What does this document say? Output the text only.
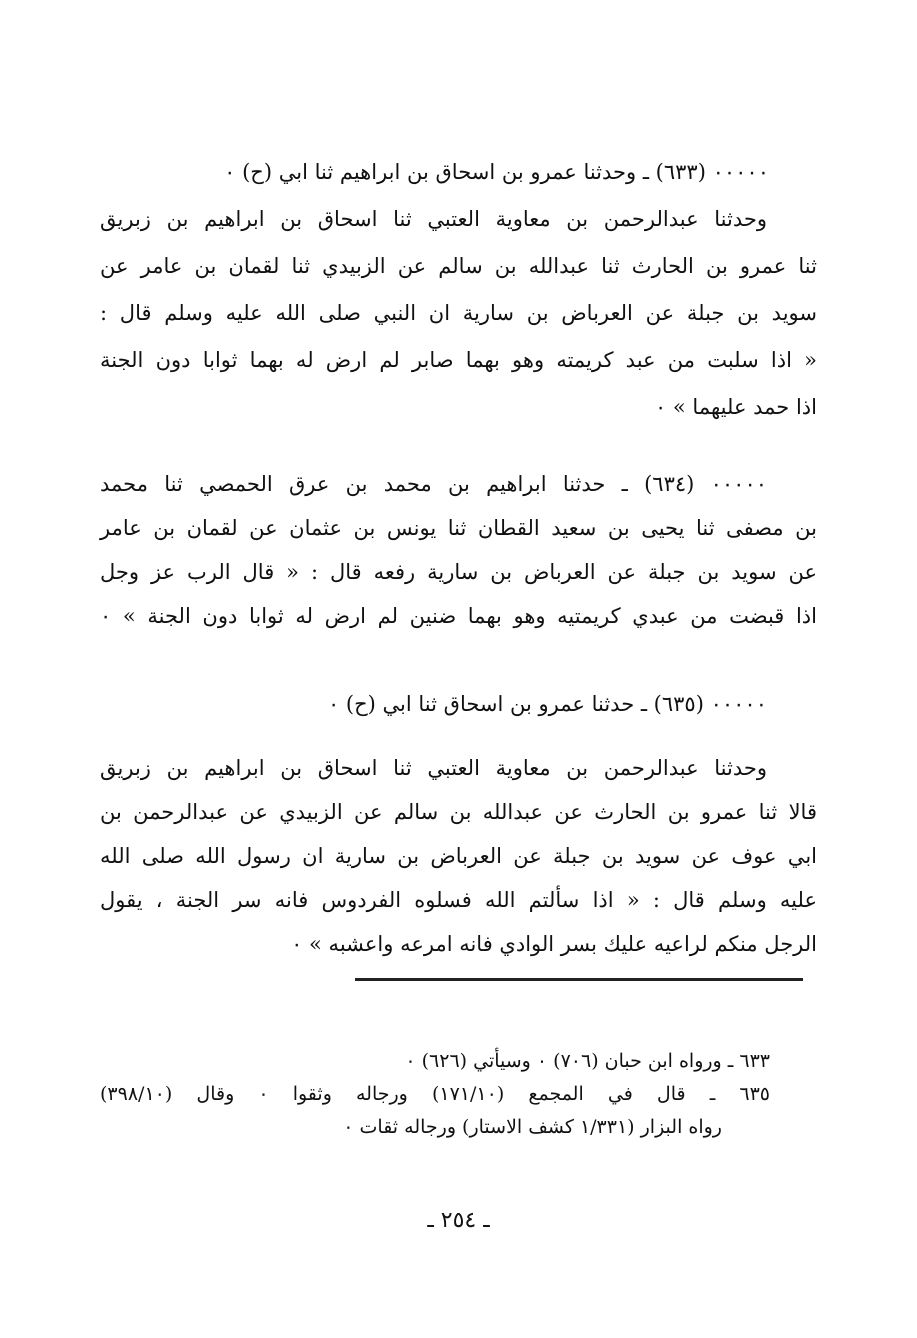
٠٠٠٠٠ (٦٣٣) ـ وحدثنا عمرو بن اسحاق بن ابراهيم ثنا ابي (ح) ٠
وحدثنا عبدالرحمن بن معاوية العتبي ثنا اسحاق بن ابراهيم بن زبريق
ثنا عمرو بن الحارث ثنا عبدالله بن سالم عن الزبيدي ثنا لقمان بن عامر عن
سويد بن جبلة عن العرباض بن سارية ان النبي صلى الله عليه وسلم قال :
« اذا سلبت من عبد كريمته وهو بهما صابر لم ارض له بهما ثوابا دون الجنة
اذا حمد عليهما » ٠
٠٠٠٠٠ (٦٣٤) ـ حدثنا ابراهيم بن محمد بن عرق الحمصي ثنا محمد
بن مصفى ثنا يحيى بن سعيد القطان ثنا يونس بن عثمان عن لقمان بن عامر
عن سويد بن جبلة عن العرباض بن سارية رفعه قال : « قال الرب عز وجل
اذا قبضت من عبدي كريمتيه وهو بهما ضنين لم ارض له ثوابا دون الجنة » ٠
٠٠٠٠٠ (٦٣٥) ـ حدثنا عمرو بن اسحاق ثنا ابي (ح) ٠
وحدثنا عبدالرحمن بن معاوية العتبي ثنا اسحاق بن ابراهيم بن زبريق
قالا ثنا عمرو بن الحارث عن عبدالله بن سالم عن الزبيدي عن عبدالرحمن بن
ابي عوف عن سويد بن جبلة عن العرباض بن سارية ان رسول الله صلى الله
عليه وسلم قال : « اذا سألتم الله فسلوه الفردوس فانه سر الجنة ، يقول
الرجل منكم لراعيه عليك بسر الوادي فانه امرعه واعشبه » ٠
٦٣٣ ـ ورواه ابن حبان (٧٠٦) ٠ وسيأتي (٦٢٦) ٠
٦٣٥ ـ قال في المجمع (١٧١/١٠) ورجاله وثقوا ٠ وقال (٣٩٨/١٠)
رواه البزار (١/٣٣١ كشف الاستار) ورجاله ثقات ٠
ـ ٢٥٤ ـ
